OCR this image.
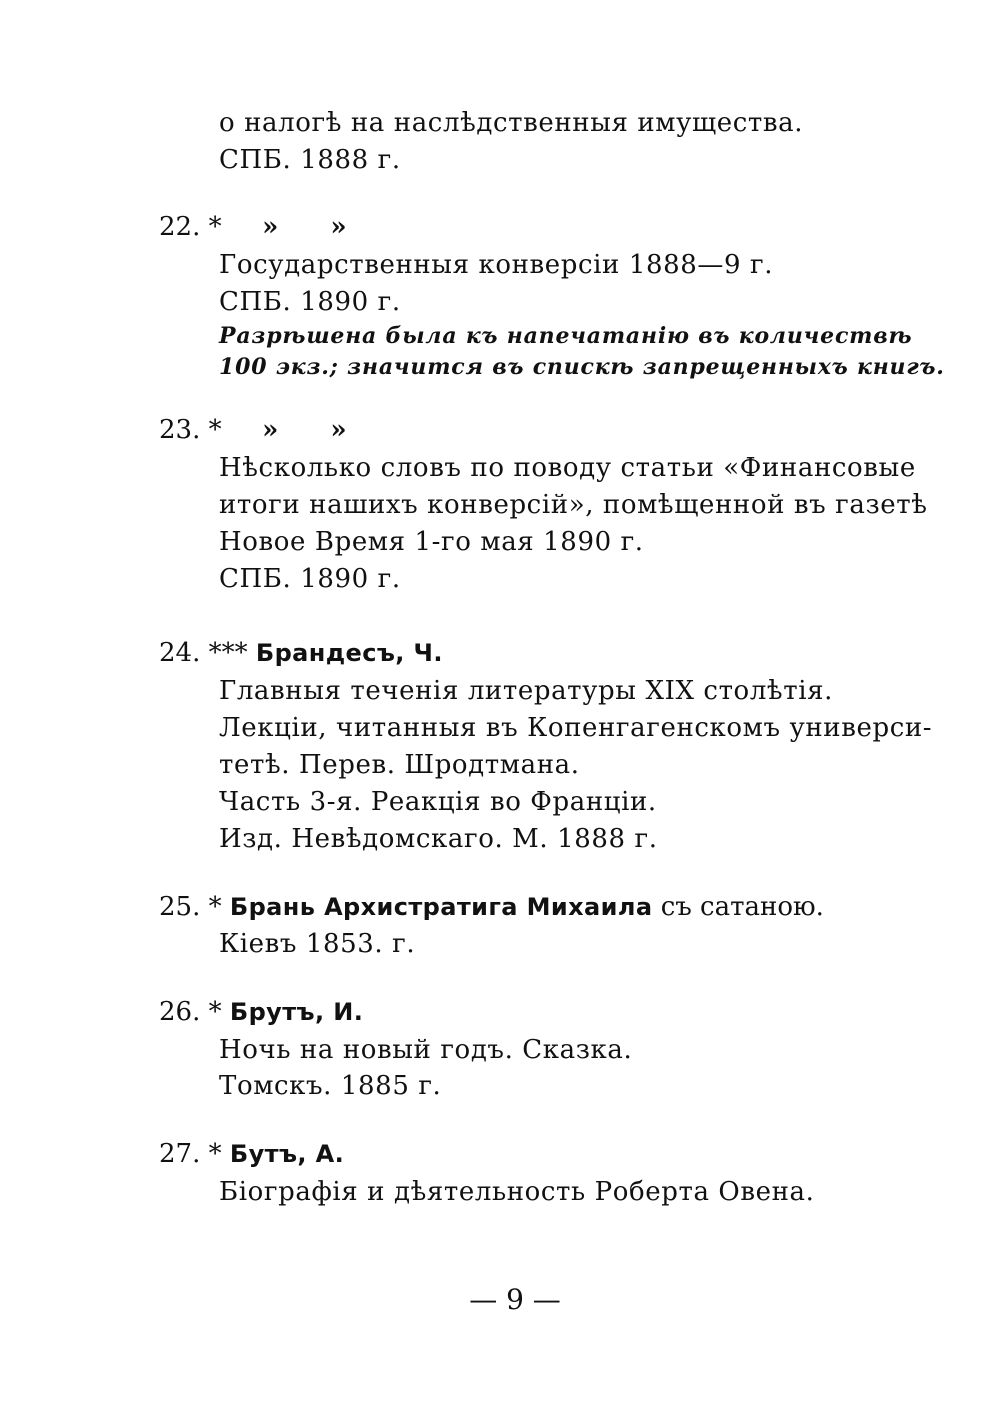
о налогѣ на наслѣдственныя имущества.
СПБ. 1888 г.
22. * » »
Государственныя конверсіи 1888—9 г.
СПБ. 1890 г.
Разрѣшена была къ напечатанію въ количествѣ
100 экз.; значится въ спискѣ запрещенныхъ книгъ.
23. * » »
Нѣсколько словъ по поводу статьи «Финансовые
итоги нашихъ конверсій», помѣщенной въ газетѣ
Новое Время 1-го мая 1890 г.
СПБ. 1890 г.
24. *** Брандесъ, Ч.
Главныя теченія литературы XIX столѣтія.
Лекціи, читанныя въ Копенгагенскомъ универси-
тетѣ. Перев. Шродтмана.
Часть 3-я. Реакція во Франціи.
Изд. Невѣдомскаго. М. 1888 г.
25. * Брань Архистратига Михаила съ сатаною.
Кіевъ 1853. г.
26. * Брутъ, И.
Ночь на новый годъ. Сказка.
Томскъ. 1885 г.
27. * Бутъ, А.
Біографія и дѣятельность Роберта Овена.
— 9 —
